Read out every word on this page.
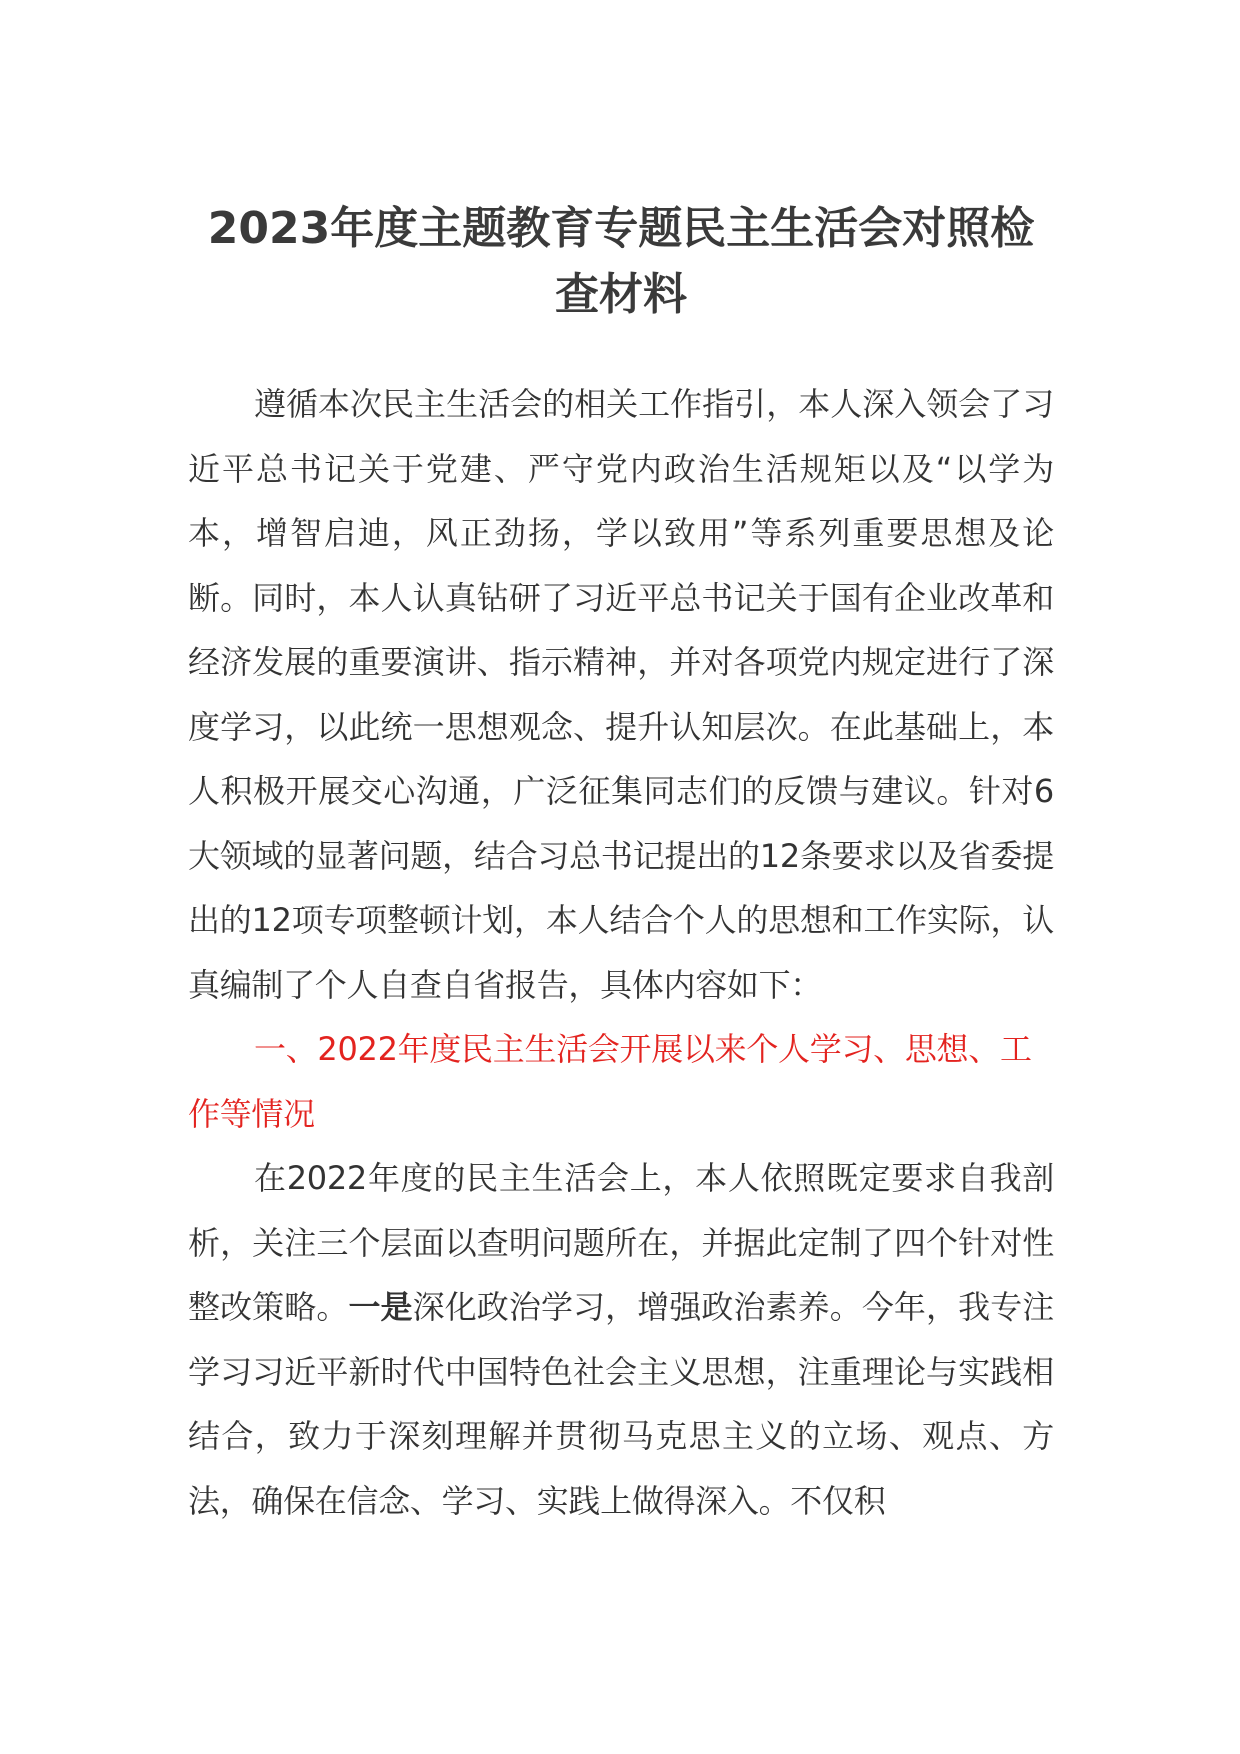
2023年度主题教育专题民主生活会对照检查材料

遵循本次民主生活会的相关工作指引，本人深入领会了习近平总书记关于党建、严守党内政治生活规矩以及“以学为本，增智启迪，风正劲扬，学以致用”等系列重要思想及论断。同时，本人认真钻研了习近平总书记关于国有企业改革和经济发展的重要演讲、指示精神，并对各项党内规定进行了深度学习，以此统一思想观念、提升认知层次。在此基础上，本人积极开展交心沟通，广泛征集同志们的反馈与建议。针对6大领域的显著问题，结合习总书记提出的12条要求以及省委提出的12项专项整顿计划，本人结合个人的思想和工作实际，认真编制了个人自查自省报告，具体内容如下：

一、2022年度民主生活会开展以来个人学习、思想、工作等情况

在2022年度的民主生活会上，本人依照既定要求自我剖析，关注三个层面以查明问题所在，并据此定制了四个针对性整改策略。一是深化政治学习，增强政治素养。今年，我专注学习习近平新时代中国特色社会主义思想，注重理论与实践相结合，致力于深刻理解并贯彻马克思主义的立场、观点、方法，确保在信念、学习、实践上做得深入。不仅积
